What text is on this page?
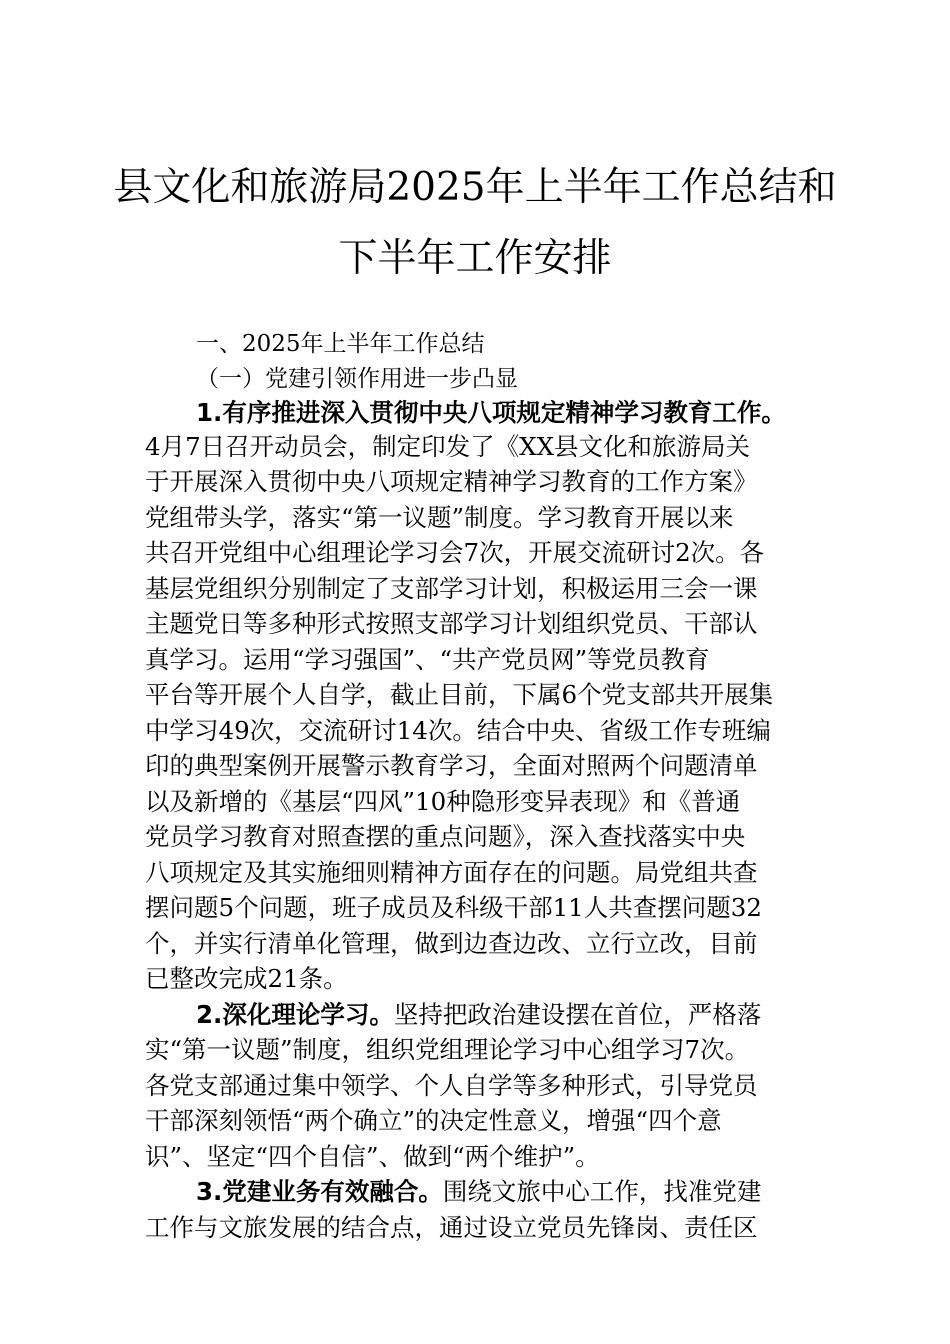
县文化和旅游局2025年上半年工作总结和
下半年工作安排
一、2025年上半年工作总结
（一）党建引领作用进一步凸显
1.有序推进深入贯彻中央八项规定精神学习教育工作。
4月7日召开动员会，制定印发了《XX县文化和旅游局关
于开展深入贯彻中央八项规定精神学习教育的工作方案》
党组带头学，落实“第一议题”制度。学习教育开展以来
共召开党组中心组理论学习会7次，开展交流研讨2次。各
基层党组织分别制定了支部学习计划，积极运用三会一课
主题党日等多种形式按照支部学习计划组织党员、干部认
真学习。运用“学习强国”、“共产党员网”等党员教育
平台等开展个人自学，截止目前，下属6个党支部共开展集
中学习49次，交流研讨14次。结合中央、省级工作专班编
印的典型案例开展警示教育学习，全面对照两个问题清单
以及新增的《基层“四风”10种隐形变异表现》和《普通
党员学习教育对照查摆的重点问题》，深入查找落实中央
八项规定及其实施细则精神方面存在的问题。局党组共查
摆问题5个问题，班子成员及科级干部11人共查摆问题32
个，并实行清单化管理，做到边查边改、立行立改，目前
已整改完成21条。
2.深化理论学习。坚持把政治建设摆在首位，严格落
实“第一议题”制度，组织党组理论学习中心组学习7次。
各党支部通过集中领学、个人自学等多种形式，引导党员
干部深刻领悟“两个确立”的决定性意义，增强“四个意
识”、坚定“四个自信”、做到“两个维护”。
3.党建业务有效融合。围绕文旅中心工作，找准党建
工作与文旅发展的结合点，通过设立党员先锋岗、责任区
